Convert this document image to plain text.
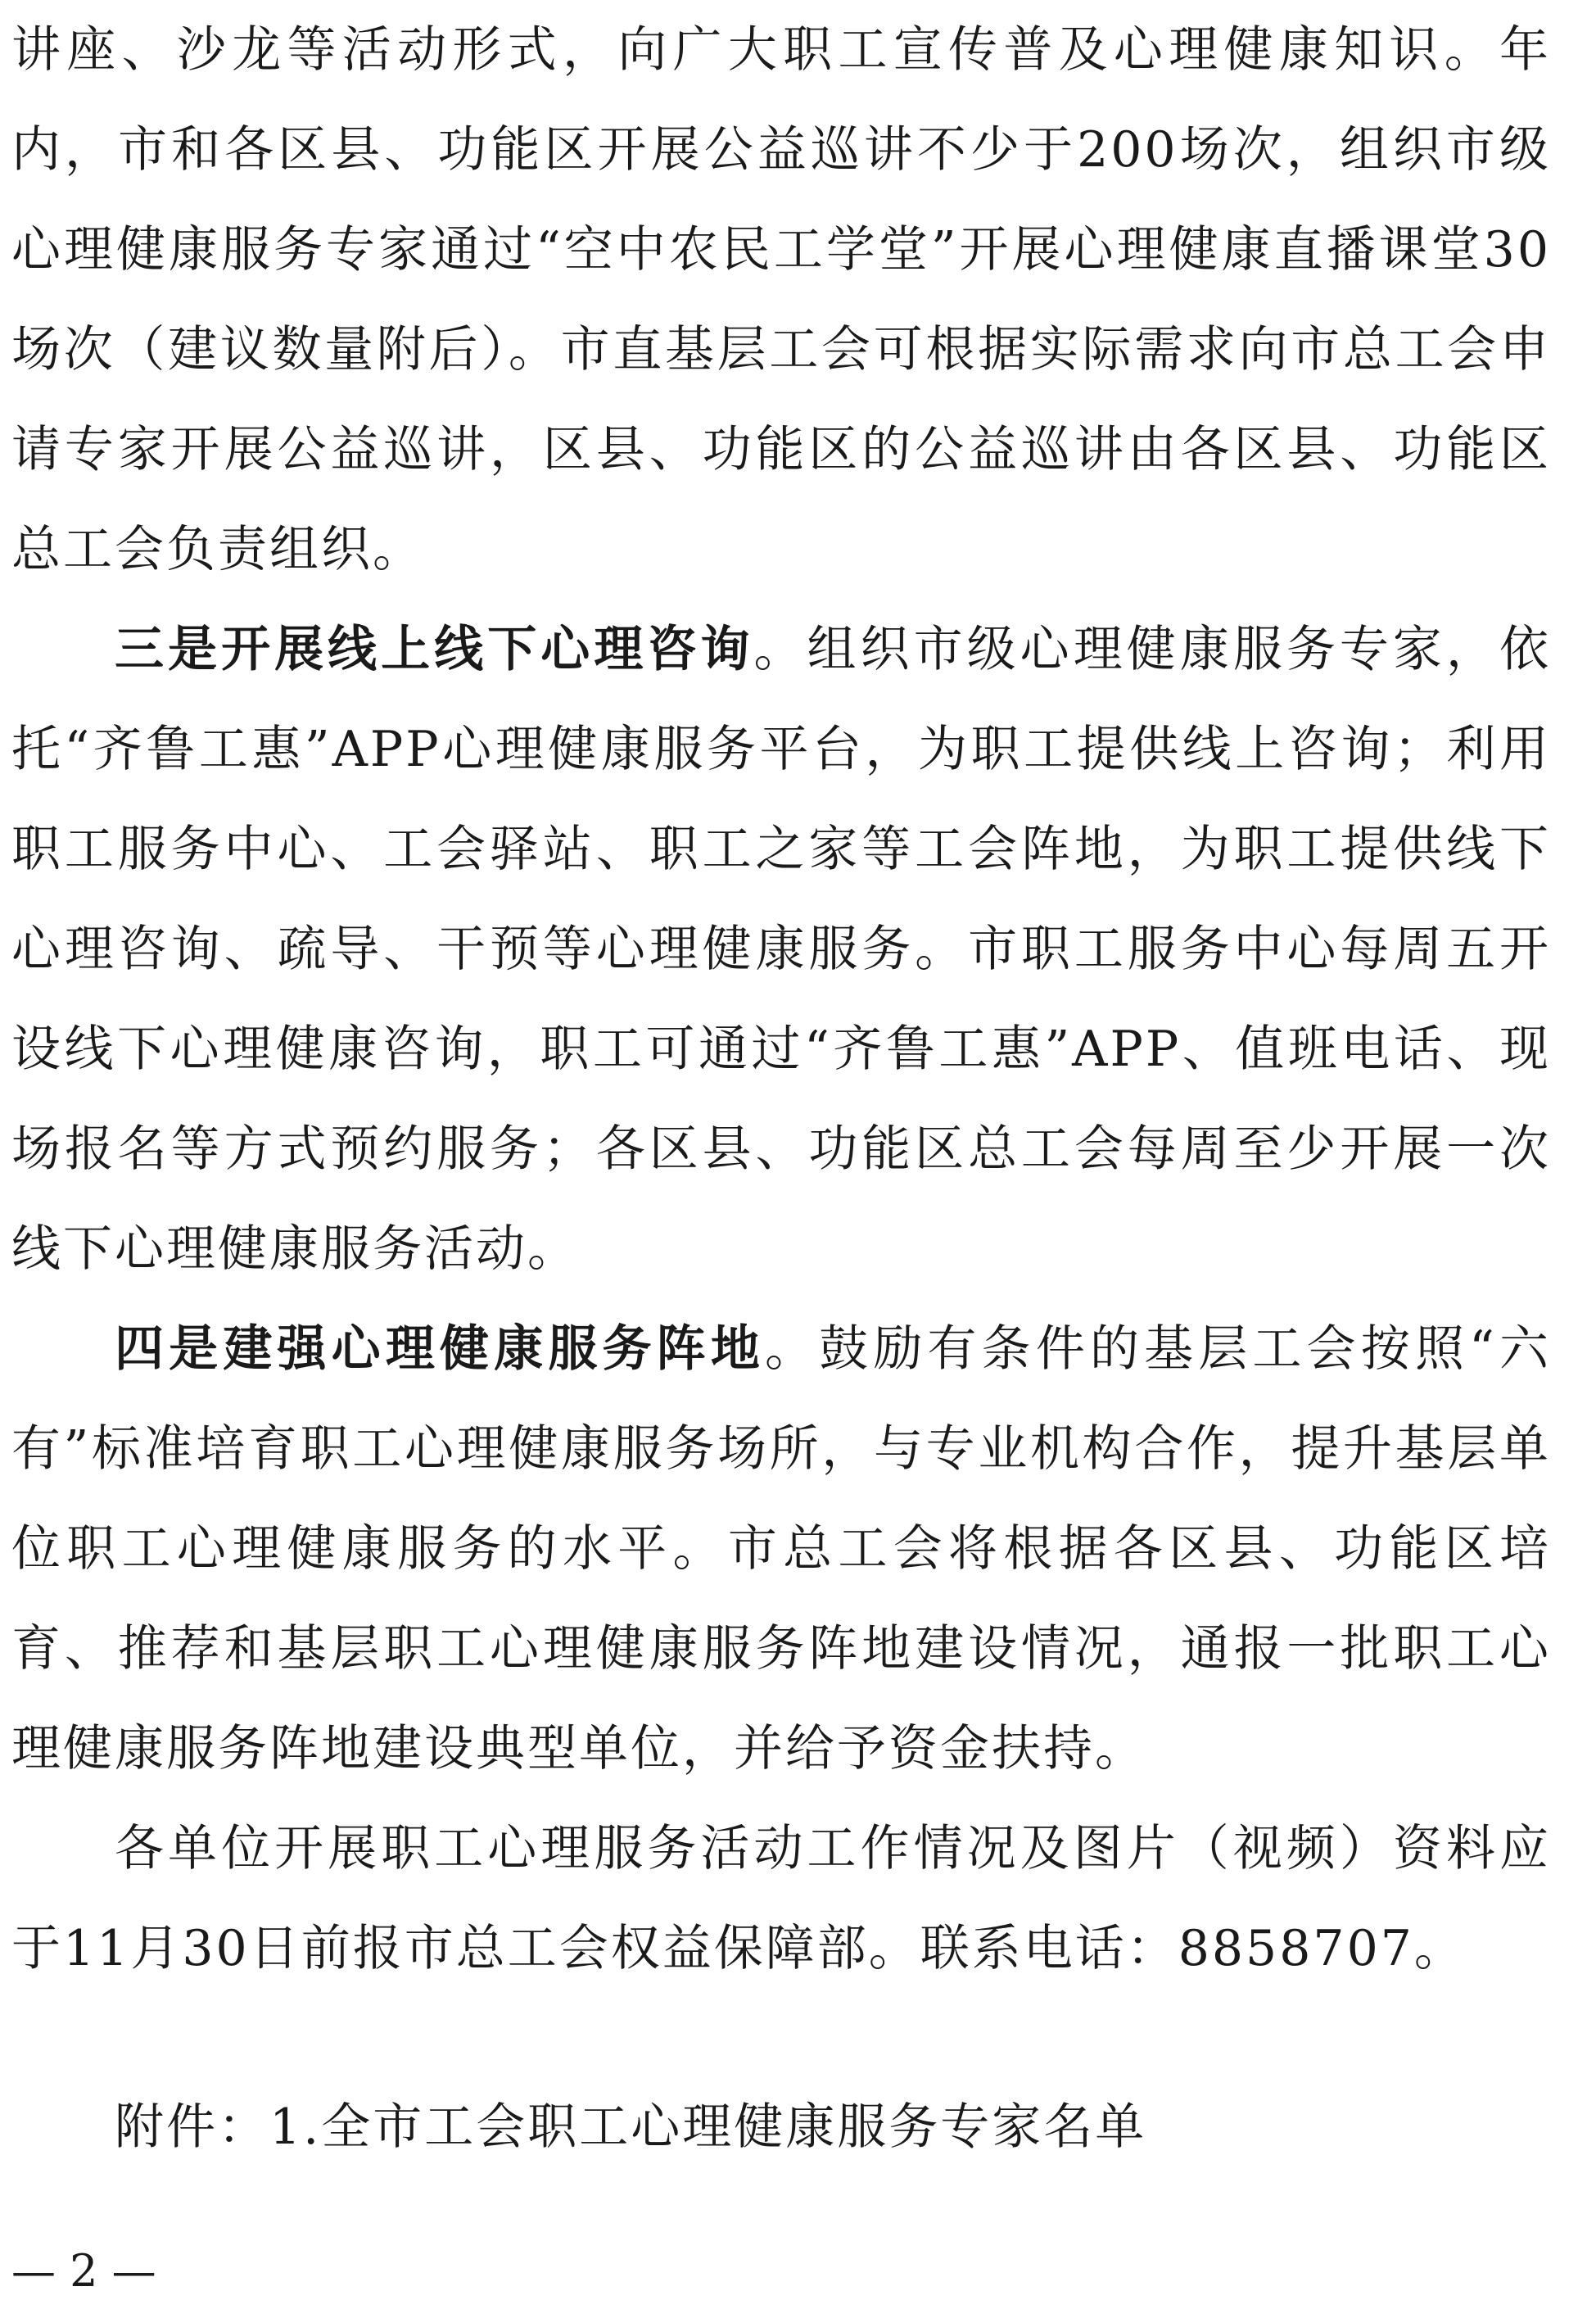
讲座、沙龙等活动形式，向广大职工宣传普及心理健康知识。年内，市和各区县、功能区开展公益巡讲不少于200场次，组织市级心理健康服务专家通过“空中农民工学堂”开展心理健康直播课堂30场次（建议数量附后）。市直基层工会可根据实际需求向市总工会申请专家开展公益巡讲，区县、功能区的公益巡讲由各区县、功能区总工会负责组织。

三是开展线上线下心理咨询。组织市级心理健康服务专家，依托“齐鲁工惠”APP心理健康服务平台，为职工提供线上咨询；利用职工服务中心、工会驿站、职工之家等工会阵地，为职工提供线下心理咨询、疏导、干预等心理健康服务。市职工服务中心每周五开设线下心理健康咨询，职工可通过“齐鲁工惠”APP、值班电话、现场报名等方式预约服务；各区县、功能区总工会每周至少开展一次线下心理健康服务活动。

四是建强心理健康服务阵地。鼓励有条件的基层工会按照“六有”标准培育职工心理健康服务场所，与专业机构合作，提升基层单位职工心理健康服务的水平。市总工会将根据各区县、功能区培育、推荐和基层职工心理健康服务阵地建设情况，通报一批职工心理健康服务阵地建设典型单位，并给予资金扶持。

各单位开展职工心理服务活动工作情况及图片（视频）资料应于11月30日前报市总工会权益保障部。联系电话：8858707。

附件：1.全市工会职工心理健康服务专家名单

— 2 —
